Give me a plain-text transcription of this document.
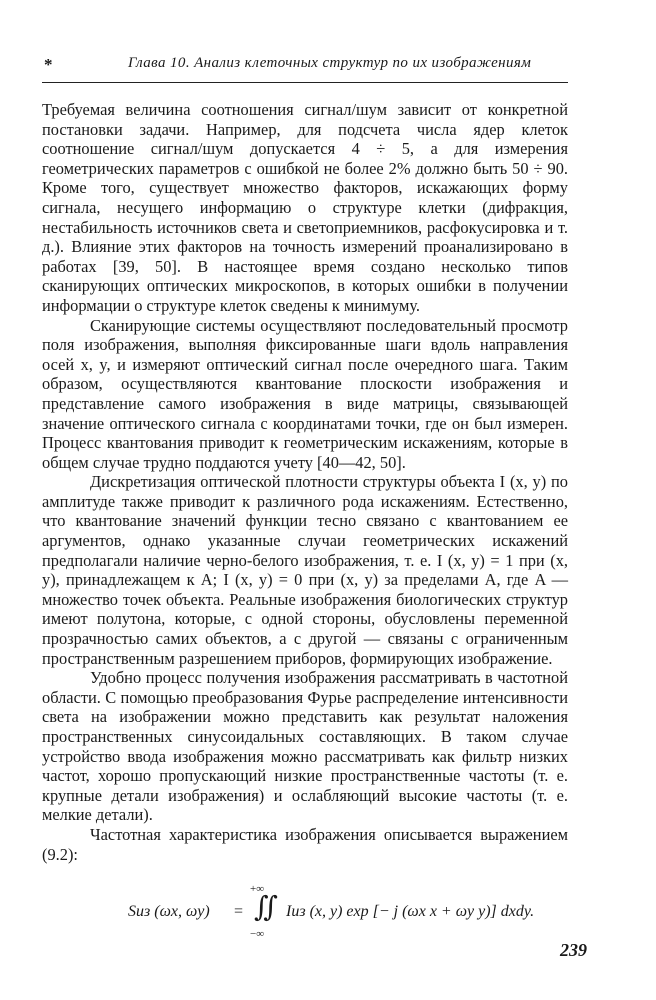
*	Глава 10. Анализ клеточных структур по их изображениям

Требуемая величина соотношения сигнал/шум зависит от конкретной постановки задачи. Например, для подсчета числа ядер клеток соотношение сигнал/шум допускается 4 ÷ 5, а для измерения геометрических параметров с ошибкой не более 2% должно быть 50 ÷ 90. Кроме того, существует множество факторов, искажающих форму сигнала, несущего информацию о структуре клетки (дифракция, нестабильность источников света и светоприемников, расфокусировка и т. д.). Влияние этих факторов на точность измерений проанализировано в работах [39, 50]. В настоящее время создано несколько типов сканирующих оптических микроскопов, в которых ошибки в получении информации о структуре клеток сведены к минимуму.

Сканирующие системы осуществляют последовательный просмотр поля изображения, выполняя фиксированные шаги вдоль направления осей x, y, и измеряют оптический сигнал после очередного шага. Таким образом, осуществляются квантование плоскости изображения и представление самого изображения в виде матрицы, связывающей значение оптического сигнала с координатами точки, где он был измерен. Процесс квантования приводит к геометрическим искажениям, которые в общем случае трудно поддаются учету [40—42, 50].

Дискретизация оптической плотности структуры объекта I (x, y) по амплитуде также приводит к различного рода искажениям. Естественно, что квантование значений функции тесно связано с квантованием ее аргументов, однако указанные случаи геометрических искажений предполагали наличие черно-белого изображения, т. е. I (x, y) = 1 при (x, y), принадлежащем к A; I (x, y) = 0 при (x, y) за пределами A, где A — множество точек объекта. Реальные изображения биологических структур имеют полутона, которые, с одной стороны, обусловлены переменной прозрачностью самих объектов, а с другой — связаны с ограниченным пространственным разрешением приборов, формирующих изображение.

Удобно процесс получения изображения рассматривать в частотной области. С помощью преобразования Фурье распределение интенсивности света на изображении можно представить как результат наложения пространственных синусоидальных составляющих. В таком случае устройство ввода изображения можно рассматривать как фильтр низких частот, хорошо пропускающий низкие пространственные частоты (т. е. крупные детали изображения) и ослабляющий высокие частоты (т. е. мелкие детали).

Частотная характеристика изображения описывается выражением (9.2):

Sиз (ωx, ωy) =
+∞
∬
−∞
Iиз (x, y) exp [− j (ωx x + ωy y)] dxdy.
239
